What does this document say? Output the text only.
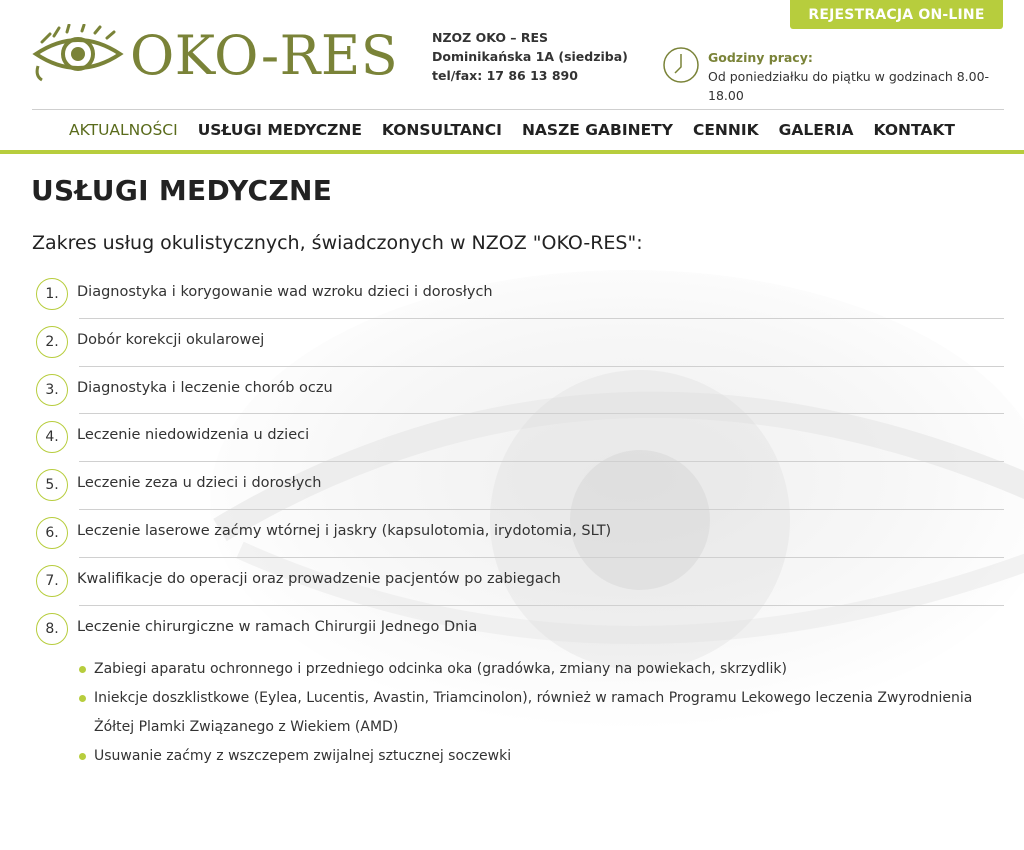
REJESTRACJA ON-LINE
OKO-RES	NZOZ OKO – RES
Dominikańska 1A (siedziba)
tel/fax: 17 86 13 890
Godziny pracy:
Od poniedziałku do piątku w godzinach 8.00-18.00
AKTUALNOŚCI	USŁUGI MEDYCZNE	KONSULTANCI	NASZE GABINETY	CENNIK	GALERIA	KONTAKT
USŁUGI MEDYCZNE
Zakres usług okulistycznych, świadczonych w NZOZ "OKO-RES":
1.	Diagnostyka i korygowanie wad wzroku dzieci i dorosłych
2.	Dobór korekcji okularowej
3.	Diagnostyka i leczenie chorób oczu
4.	Leczenie niedowidzenia u dzieci
5.	Leczenie zeza u dzieci i dorosłych
6.	Leczenie laserowe zaćmy wtórnej i jaskry (kapsulotomia, irydotomia, SLT)
7.	Kwalifikacje do operacji oraz prowadzenie pacjentów po zabiegach
8.	Leczenie chirurgiczne w ramach Chirurgii Jednego Dnia
Zabiegi aparatu ochronnego i przedniego odcinka oka (gradówka, zmiany na powiekach, skrzydlik)
Iniekcje doszklistkowe (Eylea, Lucentis, Avastin, Triamcinolon), również w ramach Programu Lekowego leczenia Zwyrodnienia Żółtej Plamki Związanego z Wiekiem (AMD)
Usuwanie zaćmy z wszczepem zwijalnej sztucznej soczewki
